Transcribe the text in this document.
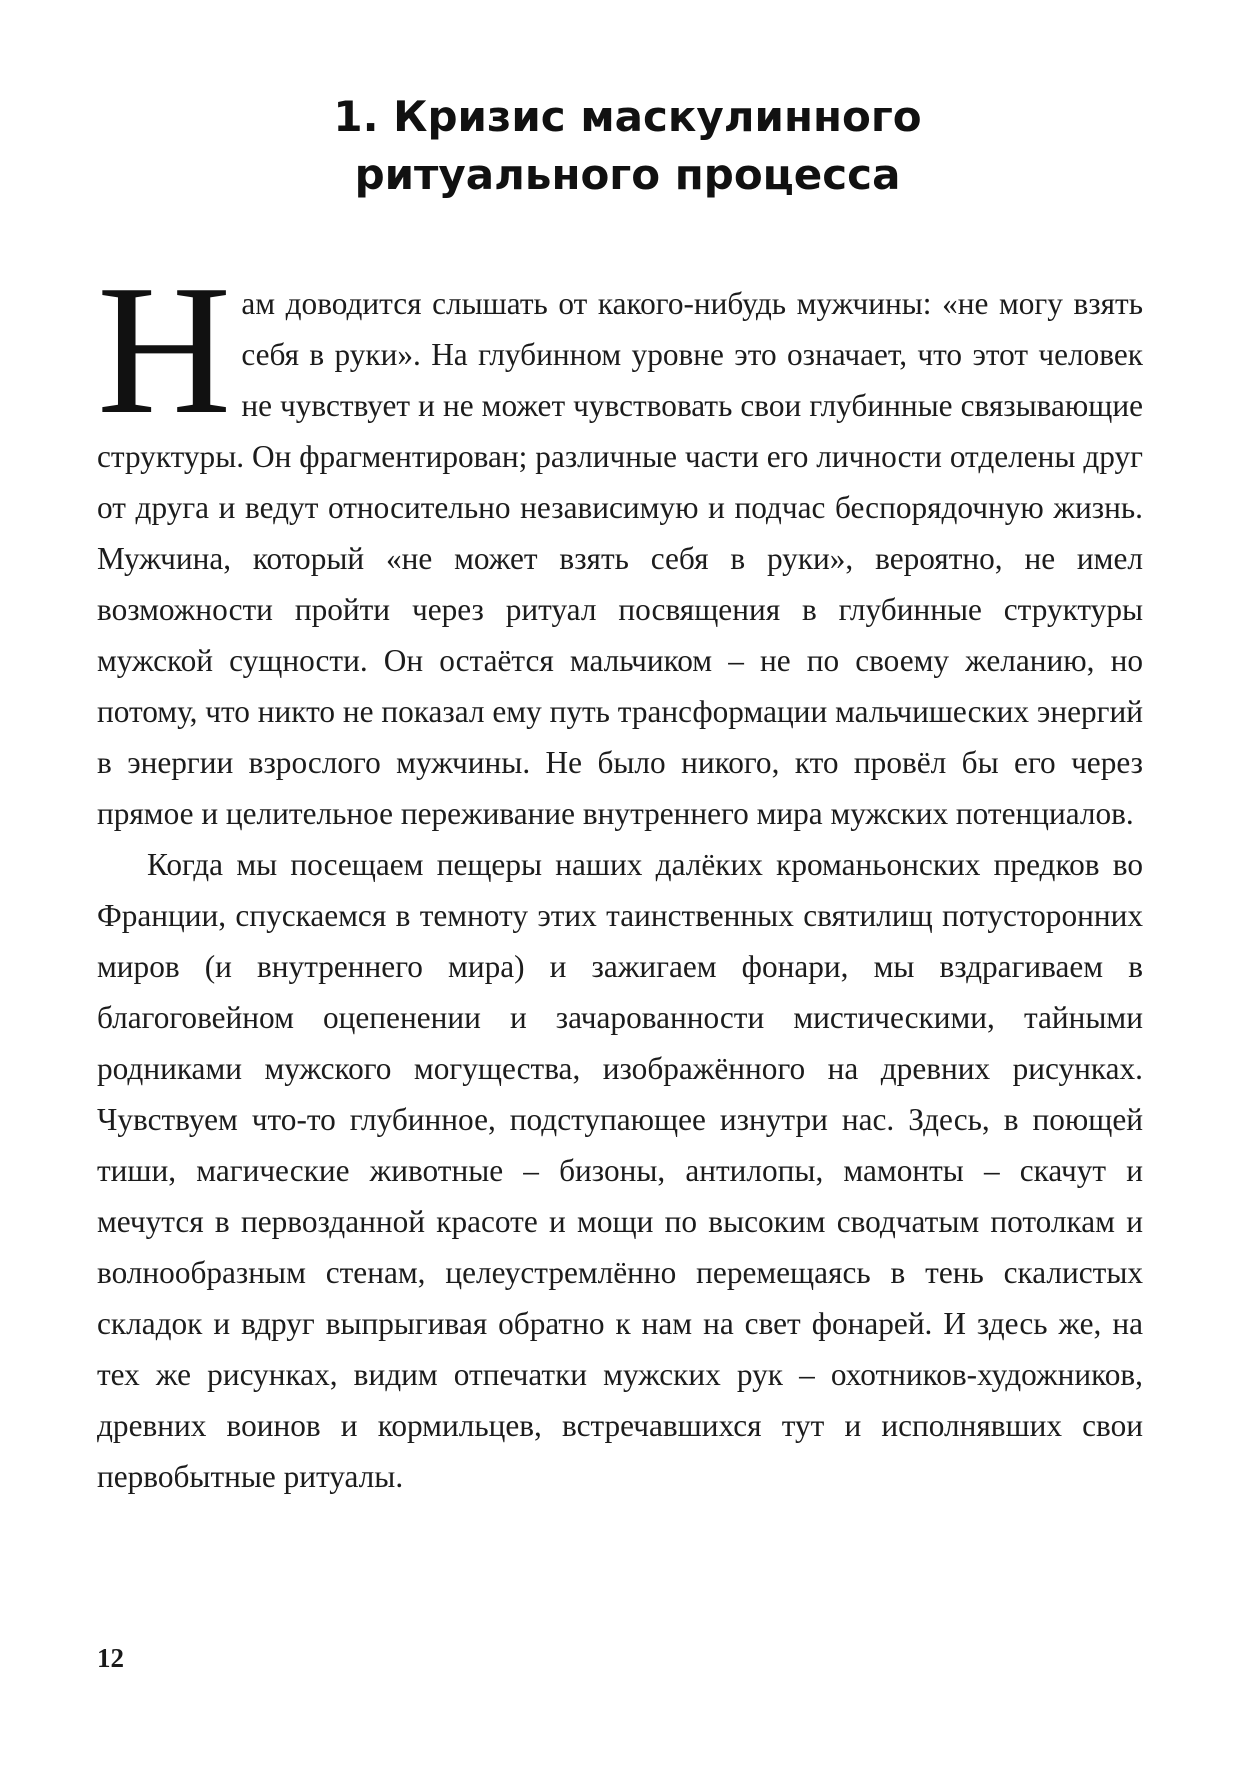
1. Кризис маскулинного
ритуального процесса

Нам доводится слышать от какого-нибудь мужчины: «не могу взять себя в руки». На глубинном уровне это означает, что этот человек не чувствует и не может чувствовать свои глубинные связывающие структуры. Он фрагментирован; различные части его личности отделены друг от друга и ведут относительно независимую и подчас беспорядочную жизнь. Мужчина, который «не может взять себя в руки», вероятно, не имел возможности пройти через ритуал посвящения в глубинные структуры мужской сущности. Он остаётся мальчиком – не по своему желанию, но потому, что никто не показал ему путь трансформации мальчишеских энергий в энергии взрослого мужчины. Не было никого, кто провёл бы его через прямое и целительное переживание внутреннего мира мужских потенциалов.

Когда мы посещаем пещеры наших далёких кроманьонских предков во Франции, спускаемся в темноту этих таинственных святилищ потусторонних миров (и внутреннего мира) и зажигаем фонари, мы вздрагиваем в благоговейном оцепенении и зачарованности мистическими, тайными родниками мужского могущества, изображённого на древних рисунках. Чувствуем что-то глубинное, подступающее изнутри нас. Здесь, в поющей тиши, магические животные – бизоны, антилопы, мамонты – скачут и мечутся в первозданной красоте и мощи по высоким сводчатым потолкам и волнообразным стенам, целеустремлённо перемещаясь в тень скалистых складок и вдруг выпрыгивая обратно к нам на свет фонарей. И здесь же, на тех же рисунках, видим отпечатки мужских рук – охотников-художников, древних воинов и кормильцев, встречавшихся тут и исполнявших свои первобытные ритуалы.

12
